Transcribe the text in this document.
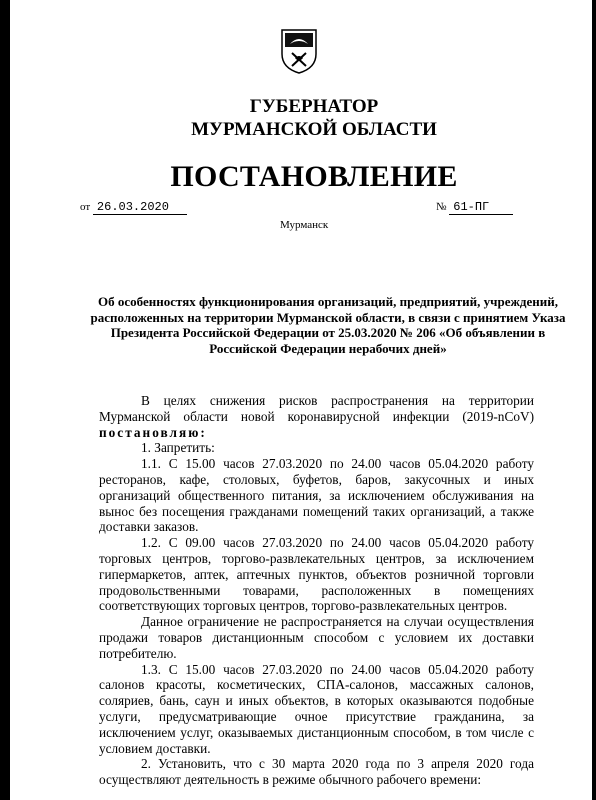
ГУБЕРНАТОР
МУРМАНСКОЙ ОБЛАСТИ
ПОСТАНОВЛЕНИЕ
от 26.03.2020	№ 61-ПГ
Мурманск
Об особенностях функционирования организаций, предприятий, учреждений, расположенных на территории Мурманской области, в связи с принятием Указа Президента Российской Федерации от 25.03.2020 № 206 «Об объявлении в Российской Федерации нерабочих дней»

В целях снижения рисков распространения на территории Мурманской области новой коронавирусной инфекции (2019-nCoV) постановляю:

1. Запретить:

1.1. С 15.00 часов 27.03.2020 по 24.00 часов 05.04.2020 работу ресторанов, кафе, столовых, буфетов, баров, закусочных и иных организаций общественного питания, за исключением обслуживания на вынос без посещения гражданами помещений таких организаций, а также доставки заказов.

1.2. С 09.00 часов 27.03.2020 по 24.00 часов 05.04.2020 работу торговых центров, торгово-развлекательных центров, за исключением гипермаркетов, аптек, аптечных пунктов, объектов розничной торговли продовольственными товарами, расположенных в помещениях соответствующих торговых центров, торгово-развлекательных центров.

Данное ограничение не распространяется на случаи осуществления продажи товаров дистанционным способом с условием их доставки потребителю.

1.3. С 15.00 часов 27.03.2020 по 24.00 часов 05.04.2020 работу салонов красоты, косметических, СПА-салонов, массажных салонов, соляриев, бань, саун и иных объектов, в которых оказываются подобные услуги, предусматривающие очное присутствие гражданина, за исключением услуг, оказываемых дистанционным способом, в том числе с условием доставки.

2. Установить, что с 30 марта 2020 года по 3 апреля 2020 года осуществляют деятельность в режиме обычного рабочего времени:
